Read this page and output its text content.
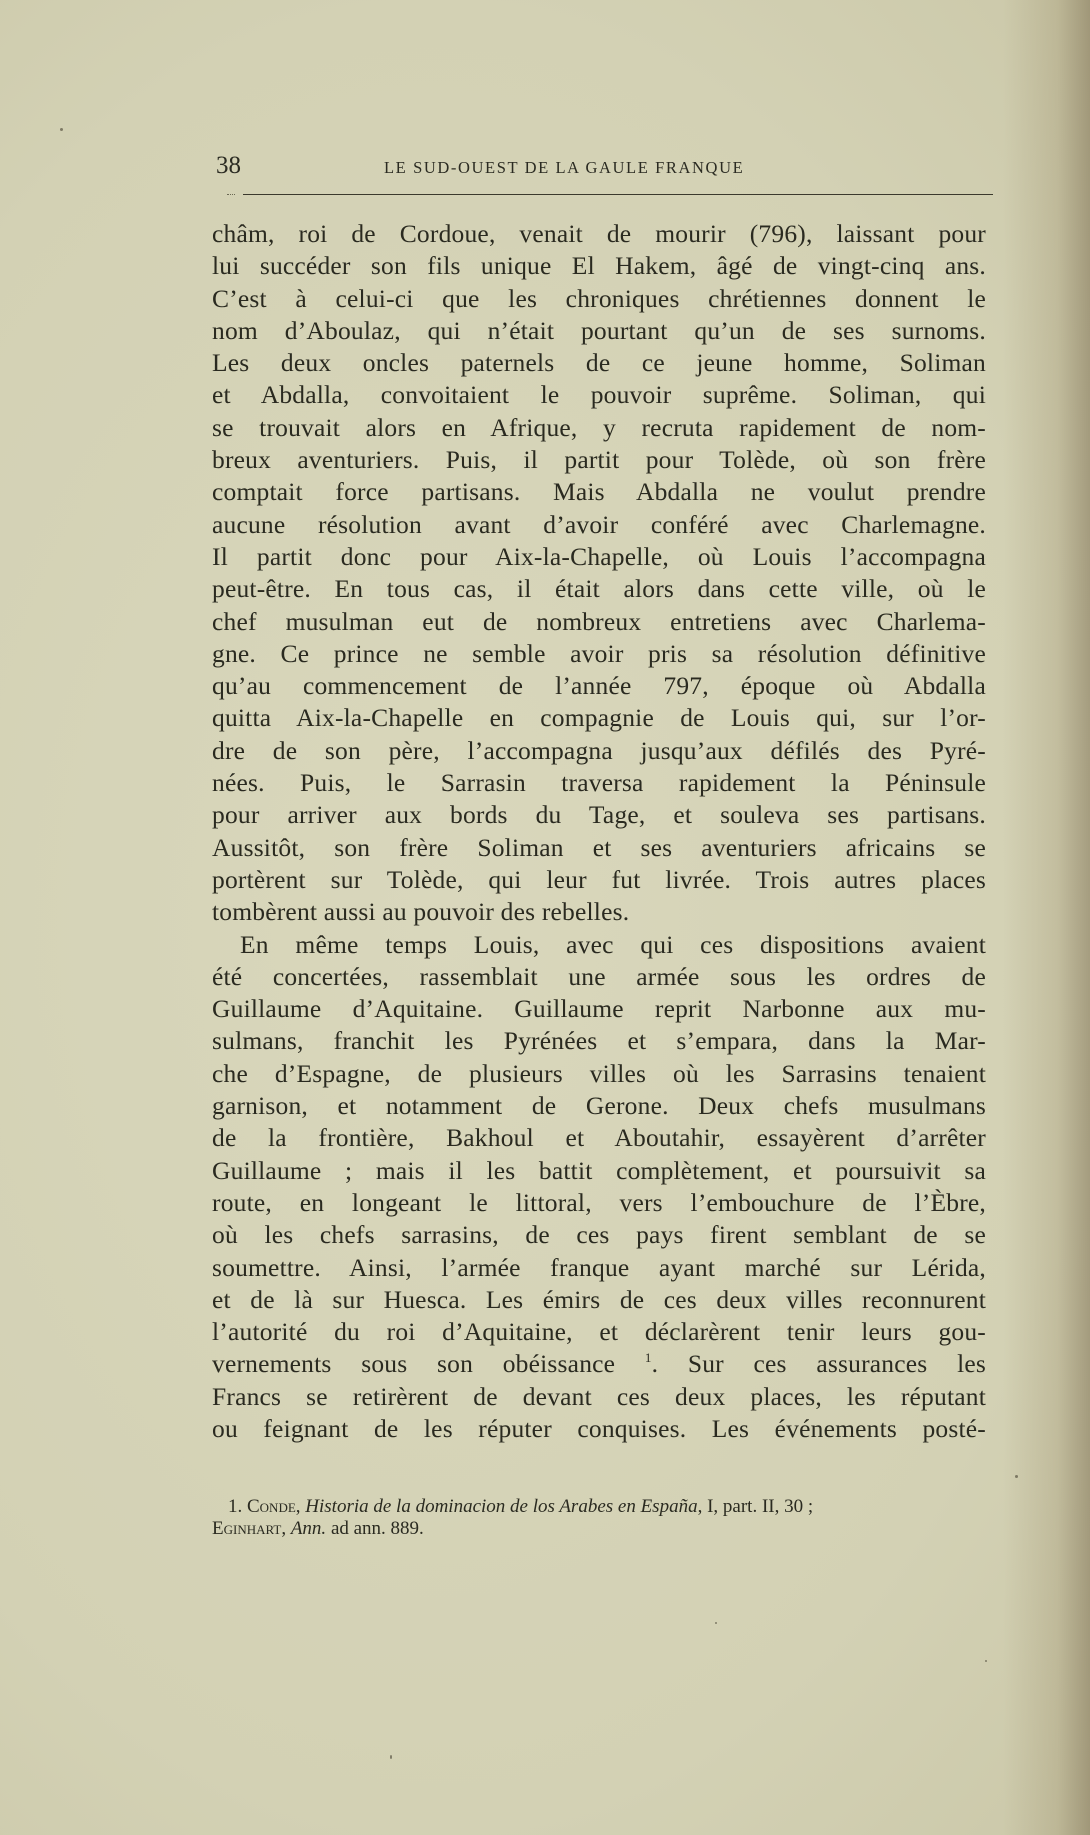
38	LE SUD-OUEST DE LA GAULE FRANQUE
châm, roi de Cordoue, venait de mourir (796), laissant pour
lui succéder son fils unique El Hakem, âgé de vingt-cinq ans.
C’est à celui-ci que les chroniques chrétiennes donnent le
nom d’Aboulaz, qui n’était pourtant qu’un de ses surnoms.
Les deux oncles paternels de ce jeune homme, Soliman
et Abdalla, convoitaient le pouvoir suprême. Soliman, qui
se trouvait alors en Afrique, y recruta rapidement de nom-
breux aventuriers. Puis, il partit pour Tolède, où son frère
comptait force partisans. Mais Abdalla ne voulut prendre
aucune résolution avant d’avoir conféré avec Charlemagne.
Il partit donc pour Aix-la-Chapelle, où Louis l’accompagna
peut-être. En tous cas, il était alors dans cette ville, où le
chef musulman eut de nombreux entretiens avec Charlema-
gne. Ce prince ne semble avoir pris sa résolution définitive
qu’au commencement de l’année 797, époque où Abdalla
quitta Aix-la-Chapelle en compagnie de Louis qui, sur l’or-
dre de son père, l’accompagna jusqu’aux défilés des Pyré-
nées. Puis, le Sarrasin traversa rapidement la Péninsule
pour arriver aux bords du Tage, et souleva ses partisans.
Aussitôt, son frère Soliman et ses aventuriers africains se
portèrent sur Tolède, qui leur fut livrée. Trois autres places
tombèrent aussi au pouvoir des rebelles.
En même temps Louis, avec qui ces dispositions avaient
été concertées, rassemblait une armée sous les ordres de
Guillaume d’Aquitaine. Guillaume reprit Narbonne aux mu-
sulmans, franchit les Pyrénées et s’empara, dans la Mar-
che d’Espagne, de plusieurs villes où les Sarrasins tenaient
garnison, et notamment de Gerone. Deux chefs musulmans
de la frontière, Bakhoul et Aboutahir, essayèrent d’arrêter
Guillaume ; mais il les battit complètement, et poursuivit sa
route, en longeant le littoral, vers l’embouchure de l’Èbre,
où les chefs sarrasins, de ces pays firent semblant de se
soumettre. Ainsi, l’armée franque ayant marché sur Lérida,
et de là sur Huesca. Les émirs de ces deux villes reconnurent
l’autorité du roi d’Aquitaine, et déclarèrent tenir leurs gou-
vernements sous son obéissance $^1$. Sur ces assurances les
Francs se retirèrent de devant ces deux places, les réputant
ou feignant de les réputer conquises. Les événements posté-
1. Conde, Historia de la dominacion de los Arabes en España, I, part. II, 30 ;
Eginhart, Ann. ad ann. 889.
